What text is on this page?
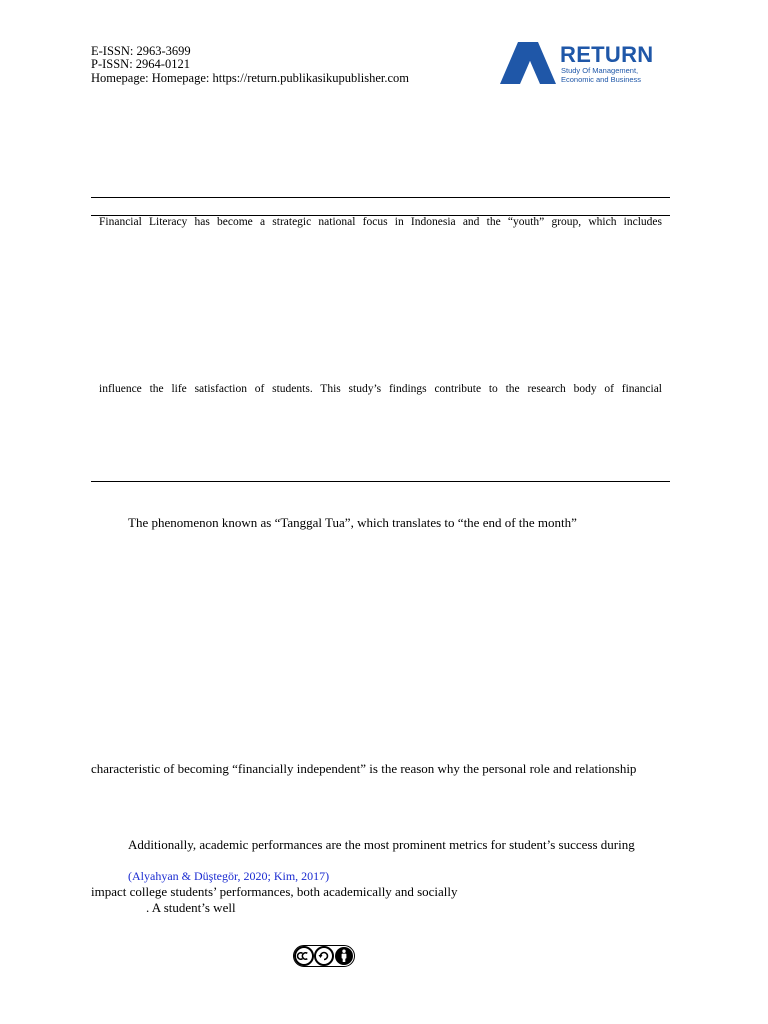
E-ISSN: 2963-3699
P-ISSN: 2964-0121
Homepage: Homepage: https://return.publikasikupublisher.com
RETURN
Study Of Management,
Economic and Business
Financial Literacy has become a strategic national focus in Indonesia and the “youth” group, which includes
influence the life satisfaction of students. This study’s findings contribute to the research body of financial
The phenomenon known as “Tanggal Tua”, which translates to “the end of the month”
characteristic of becoming “financially independent” is the reason why the personal role and relationship
Additionally, academic performances are the most prominent metrics for student’s success during
(Alyahyan & Düştegör, 2020; Kim, 2017)
impact college students’ performances, both academically and socially
. A student’s well
